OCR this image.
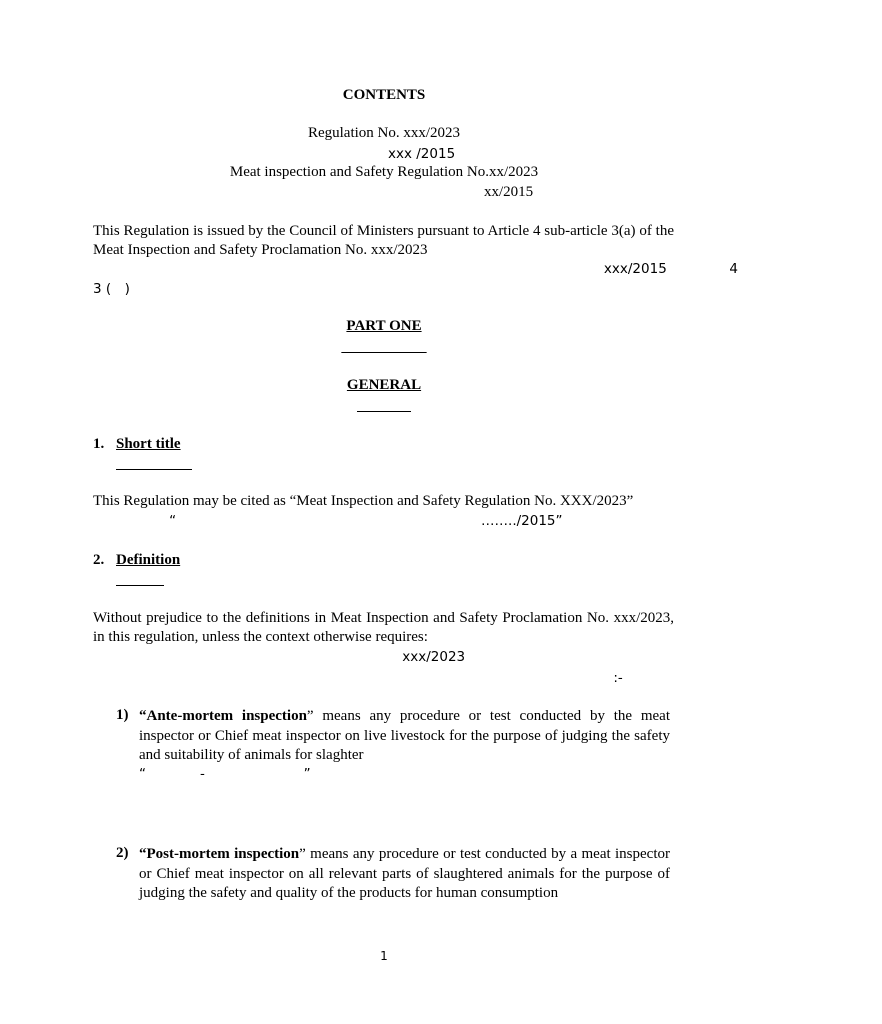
CONTENTS
Regulation No. xxx/2023
xxx /2015
Meat inspection and Safety Regulation No.xx/2023
xx/2015
This Regulation is issued by the Council of Ministers pursuant to Article 4 sub-article 3(a) of the Meat Inspection and Safety Proclamation No. xxx/2023
                                            xxx/2015      4         
3 ( )                         
PART ONE

GENERAL

1. Short title
This Regulation may be cited as “Meat Inspection and Safety Regulation No. XXX/2023”
       “                          ……../2015”                 
2. Definition
Without prejudice to the definitions in Meat Inspection and Safety Proclamation No. xxx/2023, in this regulation, unless the context otherwise requires:
                           xxx/2023                                   
                                            :-
1) “Ante-mortem inspection” means any procedure or test conducted by the meat inspector or Chief meat inspector on live livestock for the purpose of judging the safety and suitability of animals for slaghter
“    -        ”                                  

2) “Post-mortem inspection” means any procedure or test conducted by a meat inspector or Chief meat inspector on all relevant parts of slaughtered animals for the purpose of judging the safety and quality of the products for human consumption
1
